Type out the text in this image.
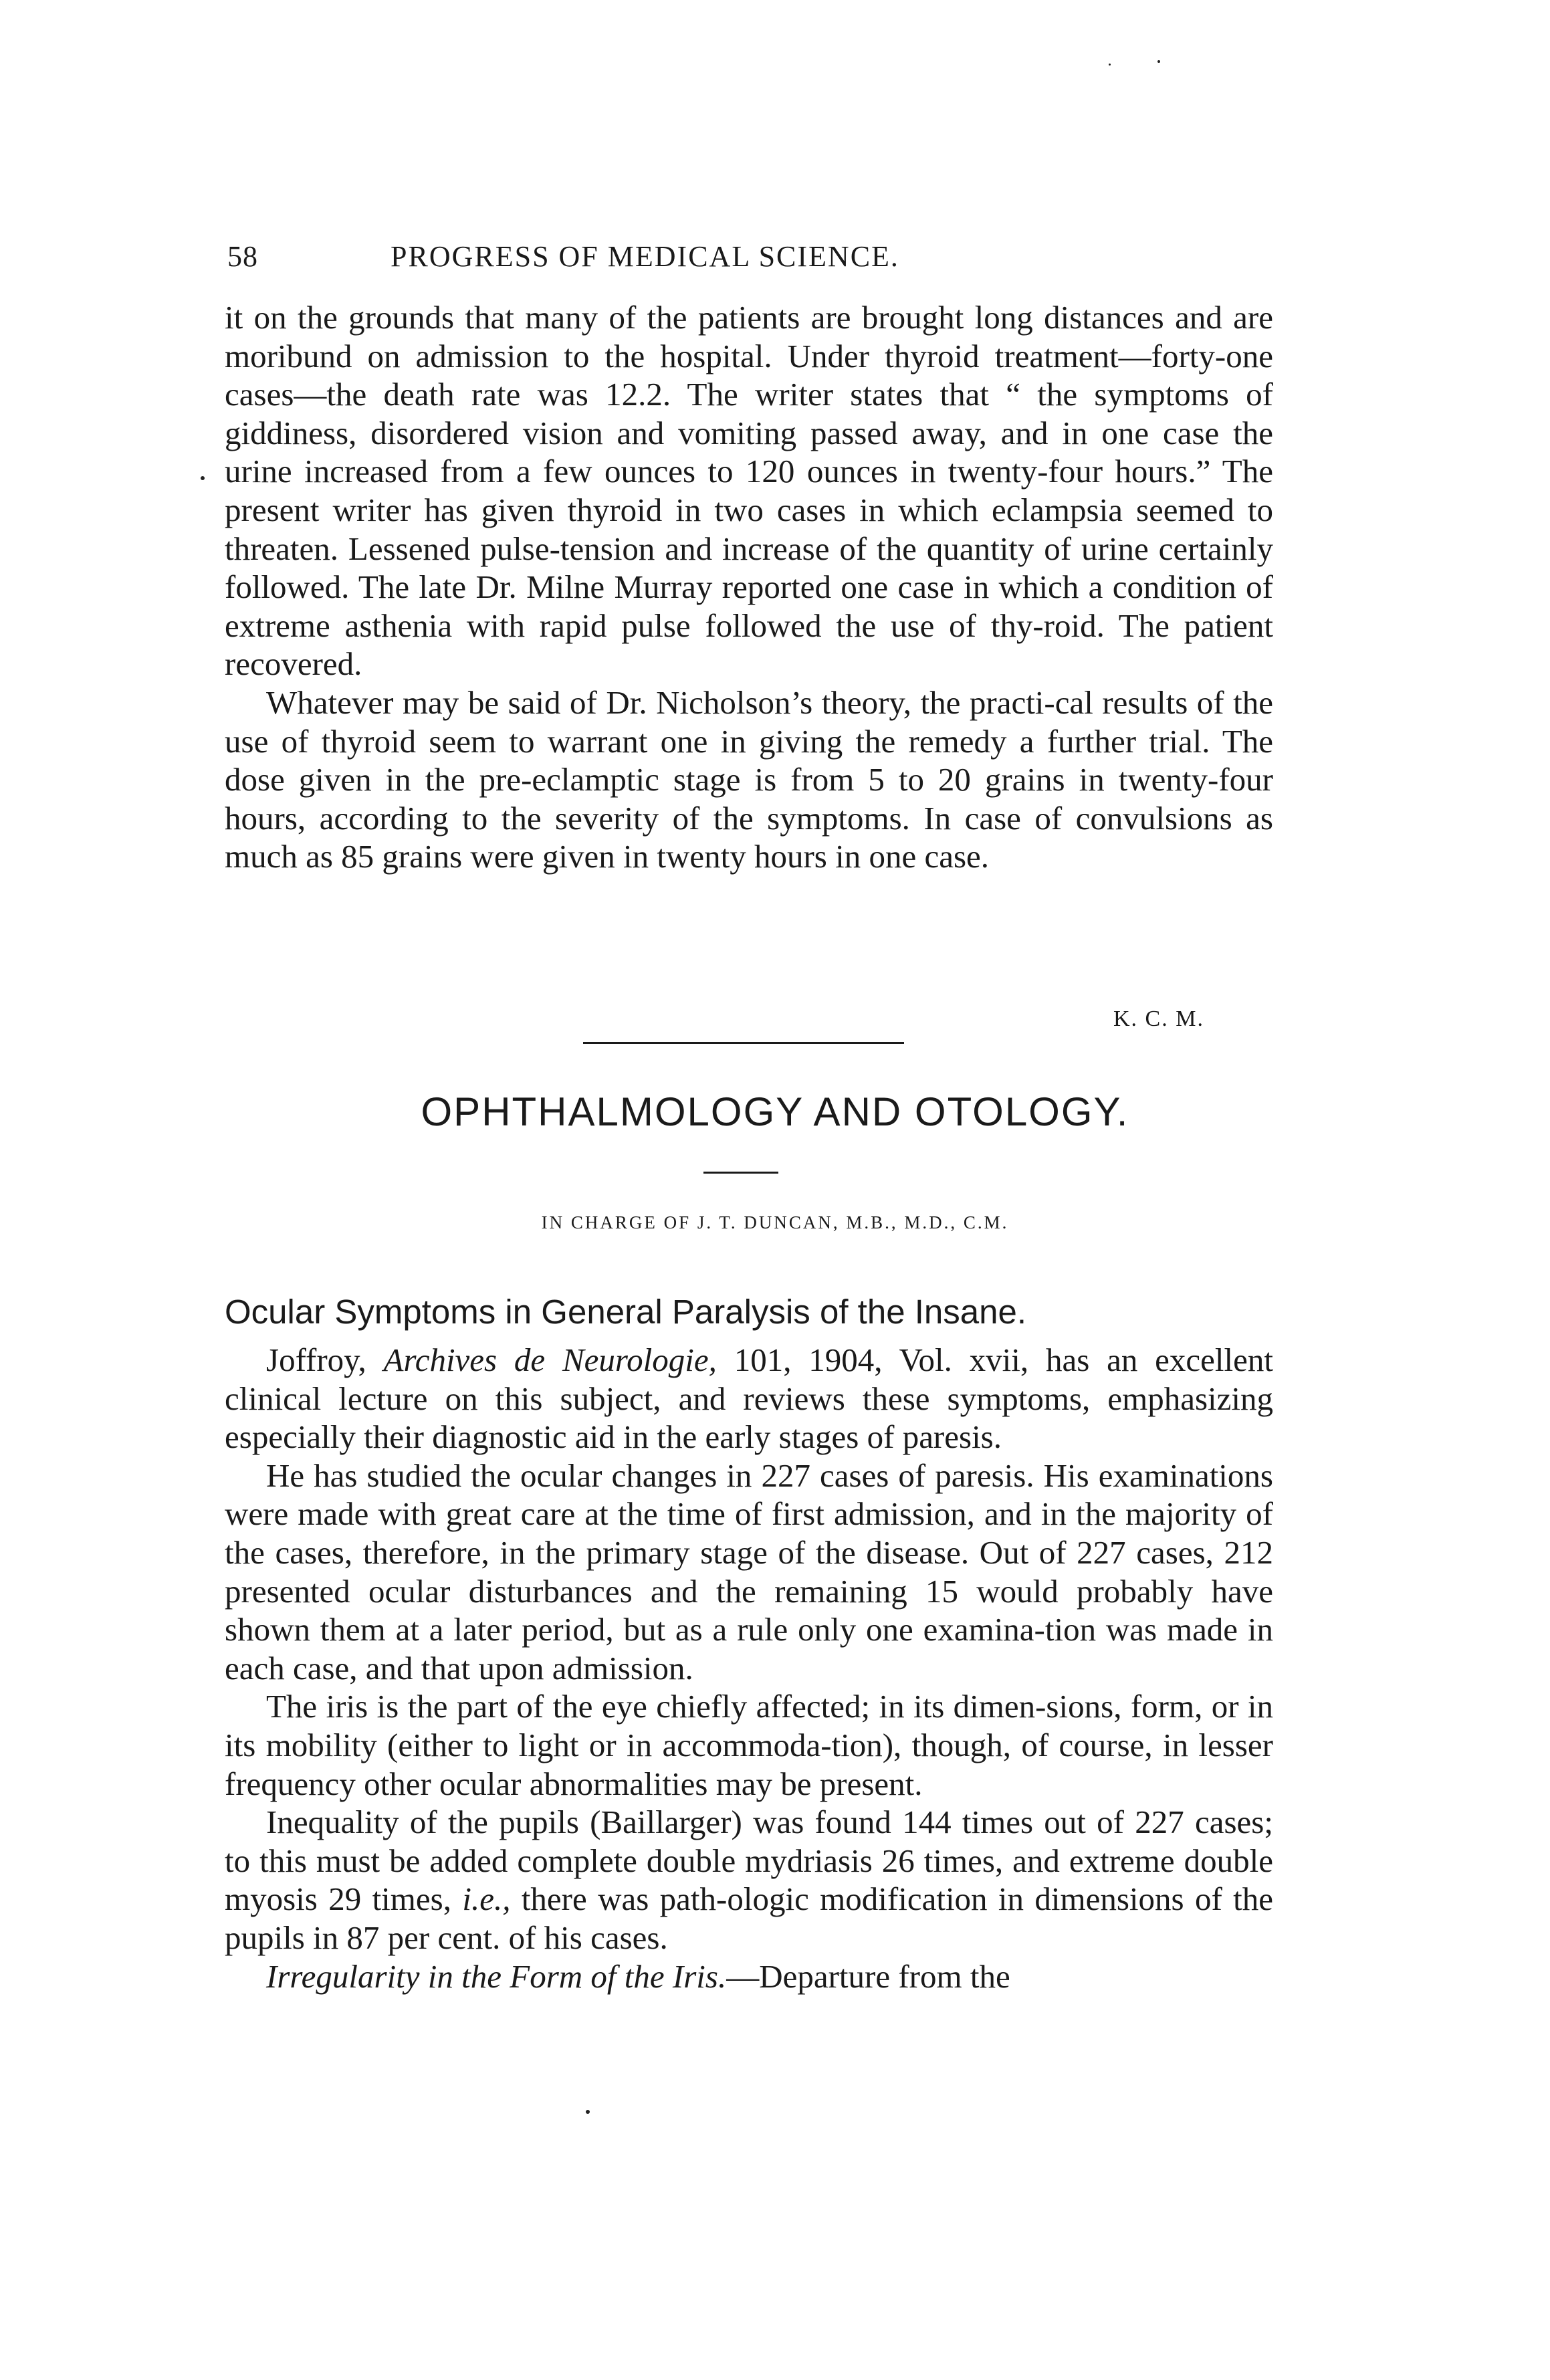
58	PROGRESS OF MEDICAL SCIENCE.

it on the grounds that many of the patients are brought long distances and are moribund on admission to the hospital. Under thyroid treatment—forty-one cases—the death rate was 12.2. The writer states that “ the symptoms of giddiness, disordered vision and vomiting passed away, and in one case the urine increased from a few ounces to 120 ounces in twenty-four hours.” The present writer has given thyroid in two cases in which eclampsia seemed to threaten. Lessened pulse-tension and increase of the quantity of urine certainly followed. The late Dr. Milne Murray reported one case in which a condition of extreme asthenia with rapid pulse followed the use of thy-roid. The patient recovered.

Whatever may be said of Dr. Nicholson’s theory, the practi-cal results of the use of thyroid seem to warrant one in giving the remedy a further trial. The dose given in the pre-eclamptic stage is from 5 to 20 grains in twenty-four hours, according to the severity of the symptoms. In case of convulsions as much as 85 grains were given in twenty hours in one case.

K. C. M.
OPHTHALMOLOGY AND OTOLOGY.
IN CHARGE OF J. T. DUNCAN, M.B., M.D., C.M.
Ocular Symptoms in General Paralysis of the Insane.

Joffroy, Archives de Neurologie, 101, 1904, Vol. xvii, has an excellent clinical lecture on this subject, and reviews these symptoms, emphasizing especially their diagnostic aid in the early stages of paresis.

He has studied the ocular changes in 227 cases of paresis. His examinations were made with great care at the time of first admission, and in the majority of the cases, therefore, in the primary stage of the disease. Out of 227 cases, 212 presented ocular disturbances and the remaining 15 would probably have shown them at a later period, but as a rule only one examina-tion was made in each case, and that upon admission.

The iris is the part of the eye chiefly affected; in its dimen-sions, form, or in its mobility (either to light or in accommoda-tion), though, of course, in lesser frequency other ocular abnormalities may be present.

Inequality of the pupils (Baillarger) was found 144 times out of 227 cases; to this must be added complete double mydriasis 26 times, and extreme double myosis 29 times, i.e., there was path-ologic modification in dimensions of the pupils in 87 per cent. of his cases.

Irregularity in the Form of the Iris.—Departure from the
